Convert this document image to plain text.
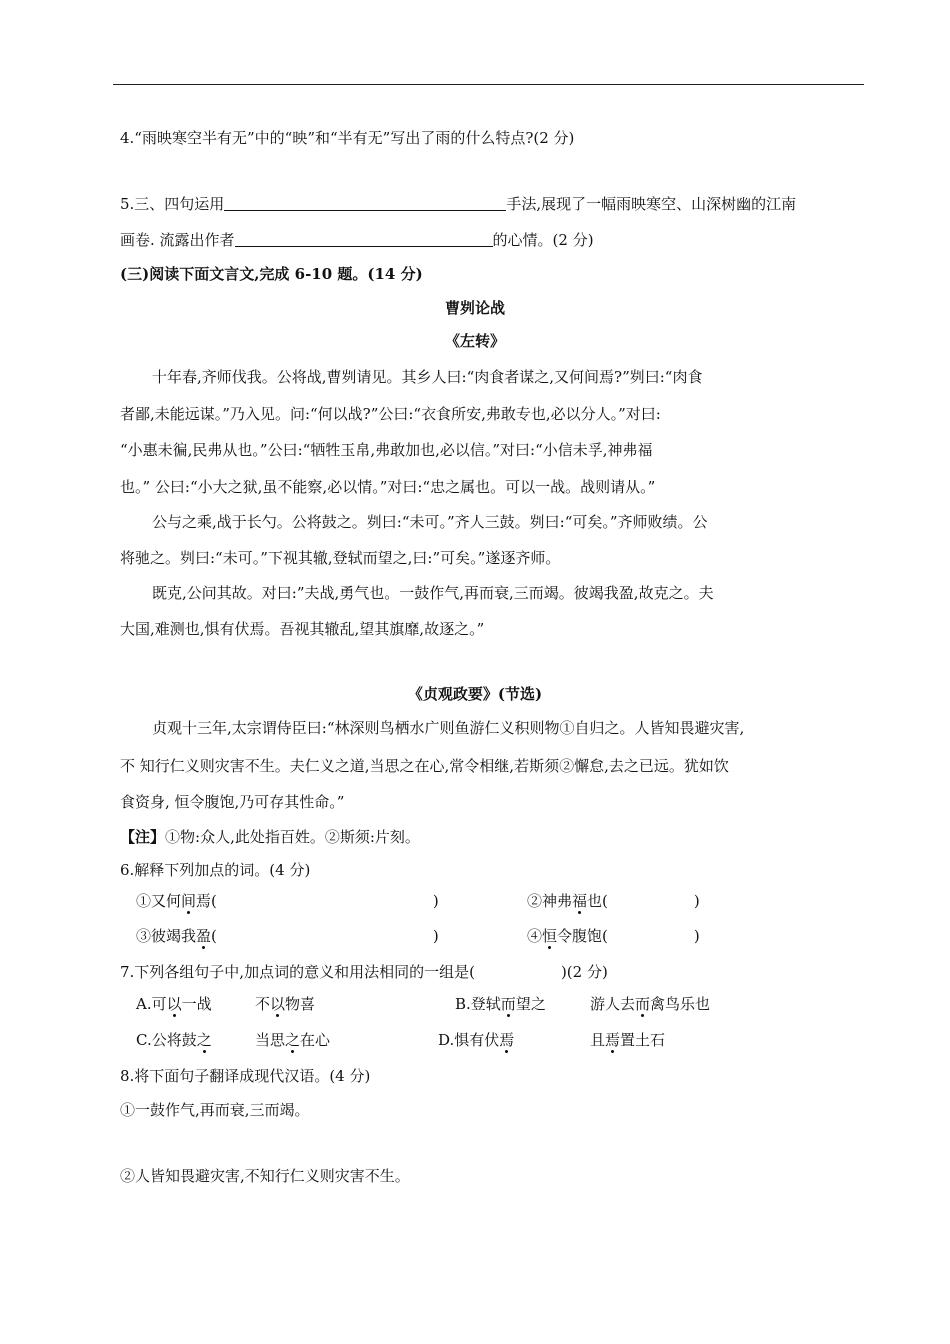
4.“雨映寒空半有无”中的“映”和“半有无”写出了雨的什么特点?(2 分)
5.三、四句运用	手法,展现了一幅雨映寒空、山深树幽的江南
画卷. 流露出作者	的心情。(2 分)
(三)阅读下面文言文,完成 6-10 题。(14 分)
曹刿论战
《左转》
十年春,齐师伐我。公将战,曹刿请见。其乡人曰:“肉食者谋之,又何间焉?”刿曰:“肉食
者鄙,未能远谋。”乃入见。问:“何以战?”公曰:“衣食所安,弗敢专也,必以分人。”对曰:
“小惠未徧,民弗从也。”公曰:“牺牲玉帛,弗敢加也,必以信。”对曰:“小信未孚,神弗福
也。” 公曰:“小大之狱,虽不能察,必以情。”对曰:“忠之属也。可以一战。战则请从。”
公与之乘,战于长勺。公将鼓之。刿曰:“未可。”齐人三鼓。刿曰:“可矣。”齐师败绩。公
将驰之。刿曰:“未可。”下视其辙,登轼而望之,曰:”可矣。”遂逐齐师。
既克,公问其故。对曰:”夫战,勇气也。一鼓作气,再而衰,三而竭。彼竭我盈,故克之。夫
大国,难测也,惧有伏焉。吾视其辙乱,望其旗靡,故逐之。”
《贞观政要》(节选)
贞观十三年,太宗谓侍臣曰:“林深则鸟栖水广则鱼游仁义积则物①自归之。人皆知畏避灾害,
不 知行仁义则灾害不生。夫仁义之道,当思之在心,常令相继,若斯须②懈怠,去之已远。犹如饮
食资身, 恒令腹饱,乃可存其性命。”
【注】①物:众人,此处指百姓。②斯须:片刻。
6.解释下列加点的词。(4 分)
①又何间焉(	)	②神弗福也(	)
③彼竭我盈(	)	④恒令腹饱(	)
7.下列各组句子中,加点词的意义和用法相同的一组是(	)(2 分)
A.可以一战	不以物喜	B.登轼而望之	游人去而禽鸟乐也
C.公将鼓之	当思之在心	D.惧有伏焉	且焉置土石
8.将下面句子翻译成现代汉语。(4 分)
①一鼓作气,再而衰,三而竭。
②人皆知畏避灾害,不知行仁义则灾害不生。
